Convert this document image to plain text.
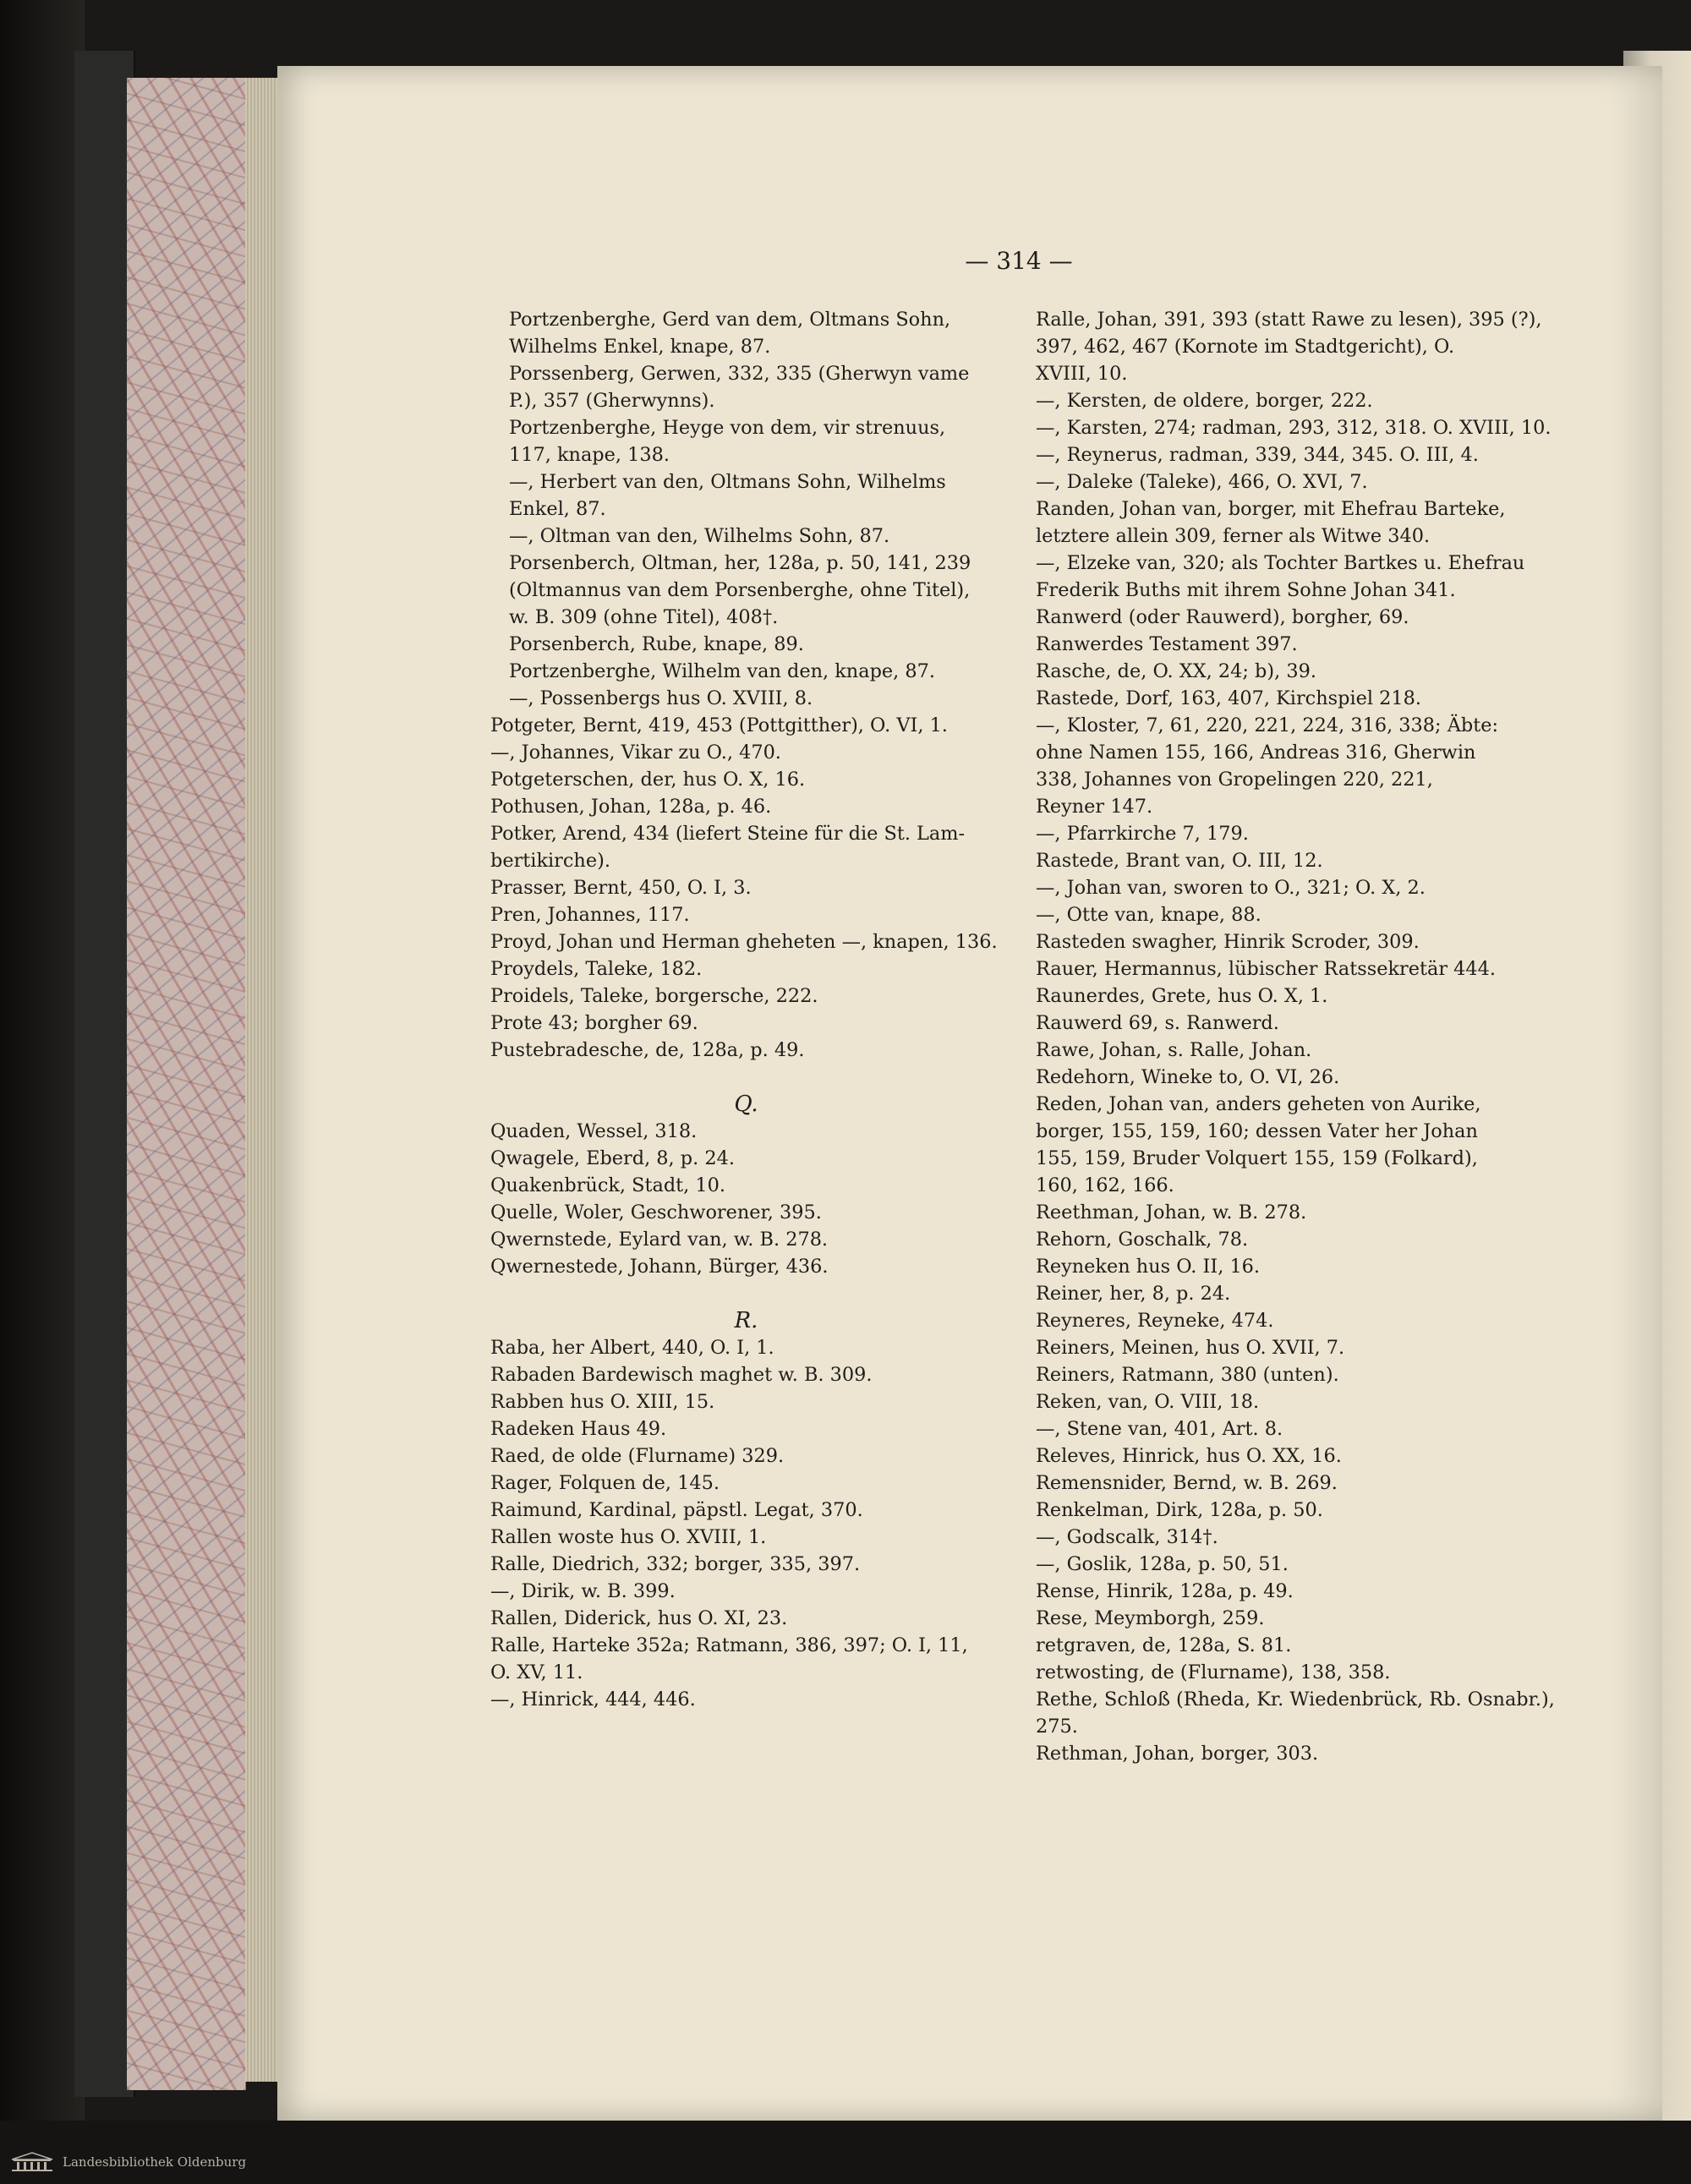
— 314 —

Portzenberghe, Gerd van dem, Oltmans Sohn,

Wilhelms Enkel, knape, 87.

Porssenberg, Gerwen, 332, 335 (Gherwyn vame

P.), 357 (Gherwynns).

Portzenberghe, Heyge von dem, vir strenuus,

117, knape, 138.

—, Herbert van den, Oltmans Sohn, Wilhelms

Enkel, 87.

—, Oltman van den, Wilhelms Sohn, 87.

Porsenberch, Oltman, her, 128a, p. 50, 141, 239

(Oltmannus van dem Porsenberghe, ohne Titel),

w. B. 309 (ohne Titel), 408†.

Porsenberch, Rube, knape, 89.

Portzenberghe, Wilhelm van den, knape, 87.

—, Possenbergs hus O. XVIII, 8.

Potgeter, Bernt, 419, 453 (Pottgitther), O. VI, 1.

—, Johannes, Vikar zu O., 470.

Potgeterschen, der, hus O. X, 16.

Pothusen, Johan, 128a, p. 46.

Potker, Arend, 434 (liefert Steine für die St. Lam-

bertikirche).

Prasser, Bernt, 450, O. I, 3.

Pren, Johannes, 117.

Proyd, Johan und Herman gheheten —, knapen, 136.

Proydels, Taleke, 182.

Proidels, Taleke, borgersche, 222.

Prote 43; borgher 69.

Pustebradesche, de, 128a, p. 49.

Q.

Quaden, Wessel, 318.

Qwagele, Eberd, 8, p. 24.

Quakenbrück, Stadt, 10.

Quelle, Woler, Geschworener, 395.

Qwernstede, Eylard van, w. B. 278.

Qwernestede, Johann, Bürger, 436.

R.

Raba, her Albert, 440, O. I, 1.

Rabaden Bardewisch maghet w. B. 309.

Rabben hus O. XIII, 15.

Radeken Haus 49.

Raed, de olde (Flurname) 329.

Rager, Folquen de, 145.

Raimund, Kardinal, päpstl. Legat, 370.

Rallen woste hus O. XVIII, 1.

Ralle, Diedrich, 332; borger, 335, 397.

—, Dirik, w. B. 399.

Rallen, Diderick, hus O. XI, 23.

Ralle, Harteke 352a; Ratmann, 386, 397; O. I, 11,

O. XV, 11.

—, Hinrick, 444, 446.

Ralle, Johan, 391, 393 (statt Rawe zu lesen), 395 (?),

397, 462, 467 (Kornote im Stadtgericht), O.

XVIII, 10.

—, Kersten, de oldere, borger, 222.

—, Karsten, 274; radman, 293, 312, 318. O. XVIII, 10.

—, Reynerus, radman, 339, 344, 345. O. III, 4.

—, Daleke (Taleke), 466, O. XVI, 7.

Randen, Johan van, borger, mit Ehefrau Barteke,

letztere allein 309, ferner als Witwe 340.

—, Elzeke van, 320; als Tochter Bartkes u. Ehefrau

Frederik Buths mit ihrem Sohne Johan 341.

Ranwerd (oder Rauwerd), borgher, 69.

Ranwerdes Testament 397.

Rasche, de, O. XX, 24; b), 39.

Rastede, Dorf, 163, 407, Kirchspiel 218.

—, Kloster, 7, 61, 220, 221, 224, 316, 338; Äbte:

ohne Namen 155, 166, Andreas 316, Gherwin

338, Johannes von Gropelingen 220, 221,

Reyner 147.

—, Pfarrkirche 7, 179.

Rastede, Brant van, O. III, 12.

—, Johan van, sworen to O., 321; O. X, 2.

—, Otte van, knape, 88.

Rasteden swagher, Hinrik Scroder, 309.

Rauer, Hermannus, lübischer Ratssekretär 444.

Raunerdes, Grete, hus O. X, 1.

Rauwerd 69, s. Ranwerd.

Rawe, Johan, s. Ralle, Johan.

Redehorn, Wineke to, O. VI, 26.

Reden, Johan van, anders geheten von Aurike,

borger, 155, 159, 160; dessen Vater her Johan

155, 159, Bruder Volquert 155, 159 (Folkard),

160, 162, 166.

Reethman, Johan, w. B. 278.

Rehorn, Goschalk, 78.

Reyneken hus O. II, 16.

Reiner, her, 8, p. 24.

Reyneres, Reyneke, 474.

Reiners, Meinen, hus O. XVII, 7.

Reiners, Ratmann, 380 (unten).

Reken, van, O. VIII, 18.

—, Stene van, 401, Art. 8.

Releves, Hinrick, hus O. XX, 16.

Remensnider, Bernd, w. B. 269.

Renkelman, Dirk, 128a, p. 50.

—, Godscalk, 314†.

—, Goslik, 128a, p. 50, 51.

Rense, Hinrik, 128a, p. 49.

Rese, Meymborgh, 259.

retgraven, de, 128a, S. 81.

retwosting, de (Flurname), 138, 358.

Rethe, Schloß (Rheda, Kr. Wiedenbrück, Rb. Osnabr.),

275.

Rethman, Johan, borger, 303.

Landesbibliothek Oldenburg
